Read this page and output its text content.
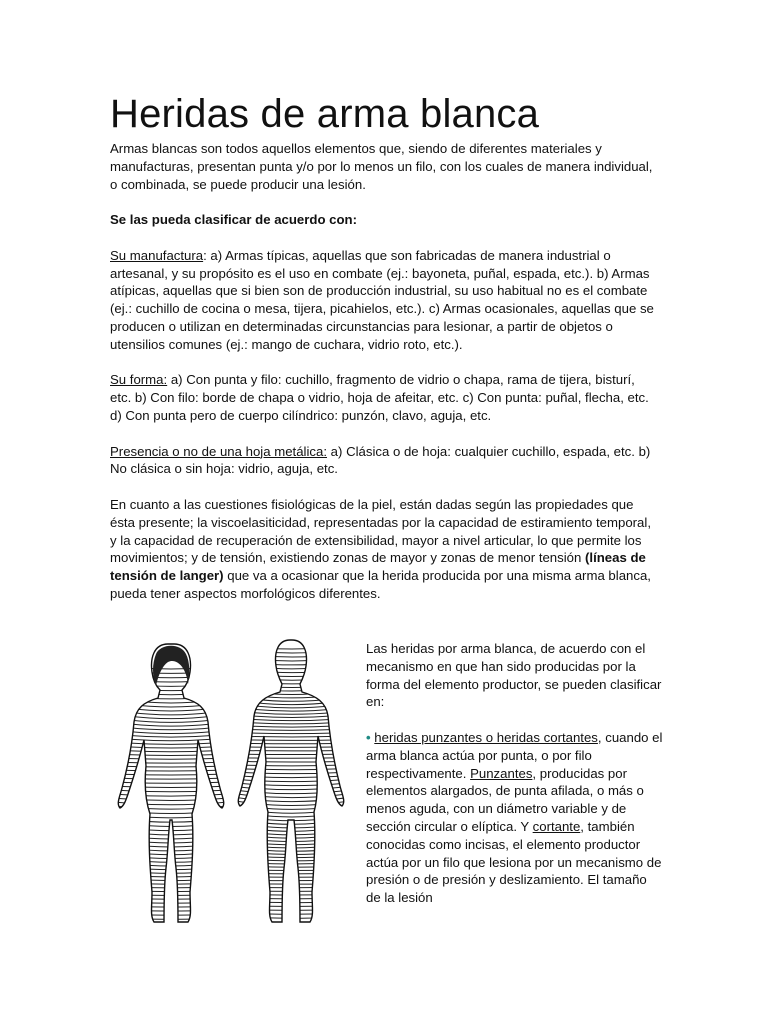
Heridas de arma blanca

Armas blancas son todos aquellos elementos que, siendo de diferentes materiales y manufacturas, presentan punta y/o por lo menos un filo, con los cuales de manera individual, o combinada, se puede producir una lesión.

Se las pueda clasificar de acuerdo con:

Su manufactura: a) Armas típicas, aquellas que son fabricadas de manera industrial o artesanal, y su propósito es el uso en combate (ej.: bayoneta, puñal, espada, etc.). b) Armas atípicas, aquellas que si bien son de producción industrial, su uso habitual no es el combate (ej.: cuchillo de cocina o mesa, tijera, picahielos, etc.). c) Armas ocasionales, aquellas que se producen o utilizan en determinadas circunstancias para lesionar, a partir de objetos o utensilios comunes (ej.: mango de cuchara, vidrio roto, etc.).

Su forma: a) Con punta y filo: cuchillo, fragmento de vidrio o chapa, rama de tijera, bisturí, etc. b) Con filo: borde de chapa o vidrio, hoja de afeitar, etc. c) Con punta: puñal, flecha, etc. d) Con punta pero de cuerpo cilíndrico: punzón, clavo, aguja, etc.

Presencia o no de una hoja metálica: a) Clásica o de hoja: cualquier cuchillo, espada, etc. b) No clásica o sin hoja: vidrio, aguja, etc.

En cuanto a las cuestiones fisiológicas de la piel, están dadas según las propiedades que ésta presente; la viscoelasiticidad, representadas por la capacidad de estiramiento temporal, y la capacidad de recuperación de extensibilidad, mayor a nivel articular, lo que permite los movimientos; y de tensión, existiendo zonas de mayor y zonas de menor tensión (líneas de tensión de langer) que va a ocasionar que la herida producida por una misma arma blanca, pueda tener aspectos morfológicos diferentes.

Las heridas por arma blanca, de acuerdo con el mecanismo en que han sido producidas por la forma del elemento productor, se pueden clasificar en:

• heridas punzantes o heridas cortantes, cuando el arma blanca actúa por punta, o por filo respectivamente. Punzantes, producidas por elementos alargados, de punta afilada, o más o menos aguda, con un diámetro variable y de sección circular o elíptica. Y cortante, también conocidas como incisas, el elemento productor actúa por un filo que lesiona por un mecanismo de presión o de presión y deslizamiento. El tamaño de la lesión
